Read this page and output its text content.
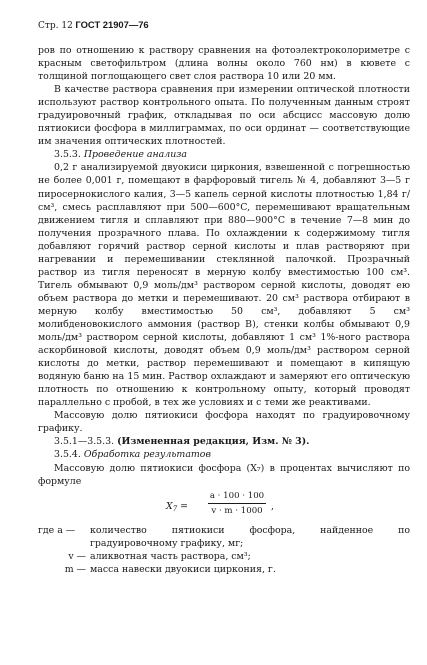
Стр. 12 ГОСТ 21907—76

ров по отношению к раствору сравнения на фотоэлектроколориметре с красным светофильтром (длина волны около 760 нм) в кювете с толщиной поглощающего свет слоя раствора 10 или 20 мм.

В качестве раствора сравнения при измерении оптической плотности используют раствор контрольного опыта. По полученным данным строят градуировочный график, откладывая по оси абсцисс массовую долю пятиокиси фосфора в миллиграммах, по оси ординат — соответствующие им значения оптических плотностей.

3.5.3. Проведение анализа

0,2 г анализируемой двуокиси циркония, взвешенной с погрешностью не более 0,001 г, помещают в фарфоровый тигель № 4, добавляют 3—5 г пиросернокислого калия, 3—5 капель серной кислоты плотностью 1,84 г/см³, смесь расплавляют при 500—600°C, перемешивают вращательным движением тигля и сплавляют при 880—900°C в течение 7—8 мин до получения прозрачного плава. По охлаждении к содержимому тигля добавляют горячий раствор серной кислоты и плав растворяют при нагревании и перемешивании стеклянной палочкой. Прозрачный раствор из тигля переносят в мерную колбу вместимостью 100 см³. Тигель обмывают 0,9 моль/дм³ раствором серной кислоты, доводят ею объем раствора до метки и перемешивают. 20 см³ раствора отбирают в мерную колбу вместимостью 50 см³, добавляют 5 см³ молибденовокислого аммония (раствор В), стенки колбы обмывают 0,9 моль/дм³ раствором серной кислоты, добавляют 1 см³ 1%-ного раствора аскорбиновой кислоты, доводят объем 0,9 моль/дм³ раствором серной кислоты до метки, раствор перемешивают и помещают в кипящую водяную баню на 15 мин. Раствор охлаждают и замеряют его оптическую плотность по отношению к контрольному опыту, который проводят параллельно с пробой, в тех же условиях и с теми же реактивами.

Массовую долю пятиокиси фосфора находят по градуировочному графику.

3.5.1—3.5.3. (Измененная редакция, Изм. № 3).

3.5.4. Обработка результатов

Массовую долю пятиокиси фосфора (X₇) в процентах вычисляют по формуле

$X_7 = \frac{a \cdot 100 \cdot 100}{v \cdot m \cdot 1000}$ ,
где a —	количество пятиокиси фосфора, найденное по градуировочному графику, мг;
v — аликвотная часть раствора, см³;
m — масса навески двуокиси циркония, г.
